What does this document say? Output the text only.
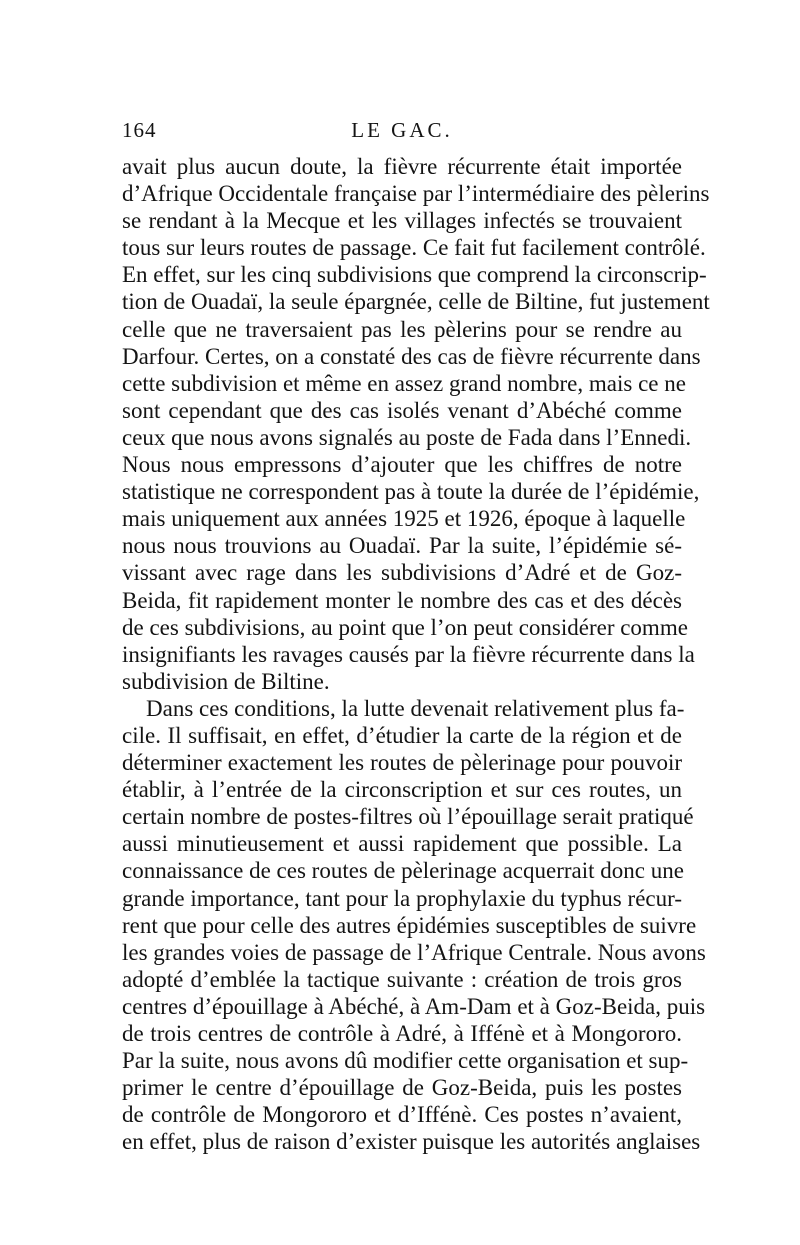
164	LE GAC.
avait plus aucun doute, la fièvre récurrente était importée
d’Afrique Occidentale française par l’intermédiaire des pèlerins
se rendant à la Mecque et les villages infectés se trouvaient
tous sur leurs routes de passage. Ce fait fut facilement contrôlé.
En effet, sur les cinq subdivisions que comprend la circonscrip-
tion de Ouadaï, la seule épargnée, celle de Biltine, fut justement
celle que ne traversaient pas les pèlerins pour se rendre au
Darfour. Certes, on a constaté des cas de fièvre récurrente dans
cette subdivision et même en assez grand nombre, mais ce ne
sont cependant que des cas isolés venant d’Abéché comme
ceux que nous avons signalés au poste de Fada dans l’Ennedi.
Nous nous empressons d’ajouter que les chiffres de notre
statistique ne correspondent pas à toute la durée de l’épidémie,
mais uniquement aux années 1925 et 1926, époque à laquelle
nous nous trouvions au Ouadaï. Par la suite, l’épidémie sé-
vissant avec rage dans les subdivisions d’Adré et de Goz-
Beida, fit rapidement monter le nombre des cas et des décès
de ces subdivisions, au point que l’on peut considérer comme
insignifiants les ravages causés par la fièvre récurrente dans la
subdivision de Biltine.
Dans ces conditions, la lutte devenait relativement plus fa-
cile. Il suffisait, en effet, d’étudier la carte de la région et de
déterminer exactement les routes de pèlerinage pour pouvoir
établir, à l’entrée de la circonscription et sur ces routes, un
certain nombre de postes-filtres où l’épouillage serait pratiqué
aussi minutieusement et aussi rapidement que possible. La
connaissance de ces routes de pèlerinage acquerrait donc une
grande importance, tant pour la prophylaxie du typhus récur-
rent que pour celle des autres épidémies susceptibles de suivre
les grandes voies de passage de l’Afrique Centrale. Nous avons
adopté d’emblée la tactique suivante : création de trois gros
centres d’épouillage à Abéché, à Am-Dam et à Goz-Beida, puis
de trois centres de contrôle à Adré, à Iffénè et à Mongororo.
Par la suite, nous avons dû modifier cette organisation et sup-
primer le centre d’épouillage de Goz-Beida, puis les postes
de contrôle de Mongororo et d’Iffénè. Ces postes n’avaient,
en effet, plus de raison d’exister puisque les autorités anglaises
